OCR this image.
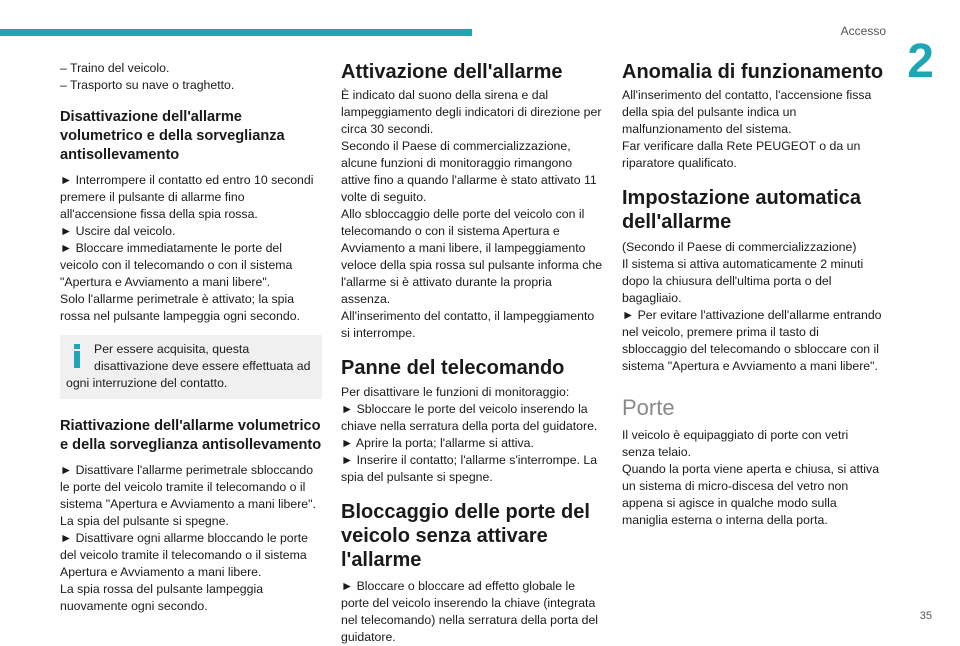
Accesso
2
35

– Traino del veicolo.

– Trasporto su nave o traghetto.

Disattivazione dell'allarme volumetrico e della sorveglianza antisollevamento

► Interrompere il contatto ed entro 10 secondi premere il pulsante di allarme fino all'accensione fissa della spia rossa.

► Uscire dal veicolo.

► Bloccare immediatamente le porte del veicolo con il telecomando o con il sistema "Apertura e Avviamento a mani libere".

Solo l'allarme perimetrale è attivato; la spia rossa nel pulsante lampeggia ogni secondo.

Per essere acquisita, questa disattivazione deve essere effettuata ad ogni interruzione del contatto.

Riattivazione dell'allarme volumetrico e della sorveglianza antisollevamento

► Disattivare l'allarme perimetrale sbloccando le porte del veicolo tramite il telecomando o il sistema "Apertura e Avviamento a mani libere".

La spia del pulsante si spegne.

► Disattivare ogni allarme bloccando le porte del veicolo tramite il telecomando o il sistema Apertura e Avviamento a mani libere.

La spia rossa del pulsante lampeggia nuovamente ogni secondo.

Attivazione dell'allarme

È indicato dal suono della sirena e dal lampeggiamento degli indicatori di direzione per circa 30 secondi.

Secondo il Paese di commercializzazione, alcune funzioni di monitoraggio rimangono attive fino a quando l'allarme è stato attivato 11 volte di seguito.

Allo sbloccaggio delle porte del veicolo con il telecomando o con il sistema Apertura e Avviamento a mani libere, il lampeggiamento veloce della spia rossa sul pulsante informa che l'allarme si è attivato durante la propria assenza.

All'inserimento del contatto, il lampeggiamento si interrompe.

Panne del telecomando

Per disattivare le funzioni di monitoraggio:

► Sbloccare le porte del veicolo inserendo la chiave nella serratura della porta del guidatore.

► Aprire la porta; l'allarme si attiva.

► Inserire il contatto; l'allarme s'interrompe. La spia del pulsante si spegne.

Bloccaggio delle porte del veicolo senza attivare l'allarme

► Bloccare o bloccare ad effetto globale le porte del veicolo inserendo la chiave (integrata nel telecomando) nella serratura della porta del guidatore.

Anomalia di funzionamento

All'inserimento del contatto, l'accensione fissa della spia del pulsante indica un malfunzionamento del sistema.

Far verificare dalla Rete PEUGEOT o da un riparatore qualificato.

Impostazione automatica dell'allarme

(Secondo il Paese di commercializzazione)

Il sistema si attiva automaticamente 2 minuti dopo la chiusura dell'ultima porta o del bagagliaio.

► Per evitare l'attivazione dell'allarme entrando nel veicolo, premere prima il tasto di sbloccaggio del telecomando o sbloccare con il sistema "Apertura e Avviamento a mani libere".

Porte

Il veicolo è equipaggiato di porte con vetri senza telaio.

Quando la porta viene aperta e chiusa, si attiva un sistema di micro-discesa del vetro non appena si agisce in qualche modo sulla maniglia esterna o interna della porta.
